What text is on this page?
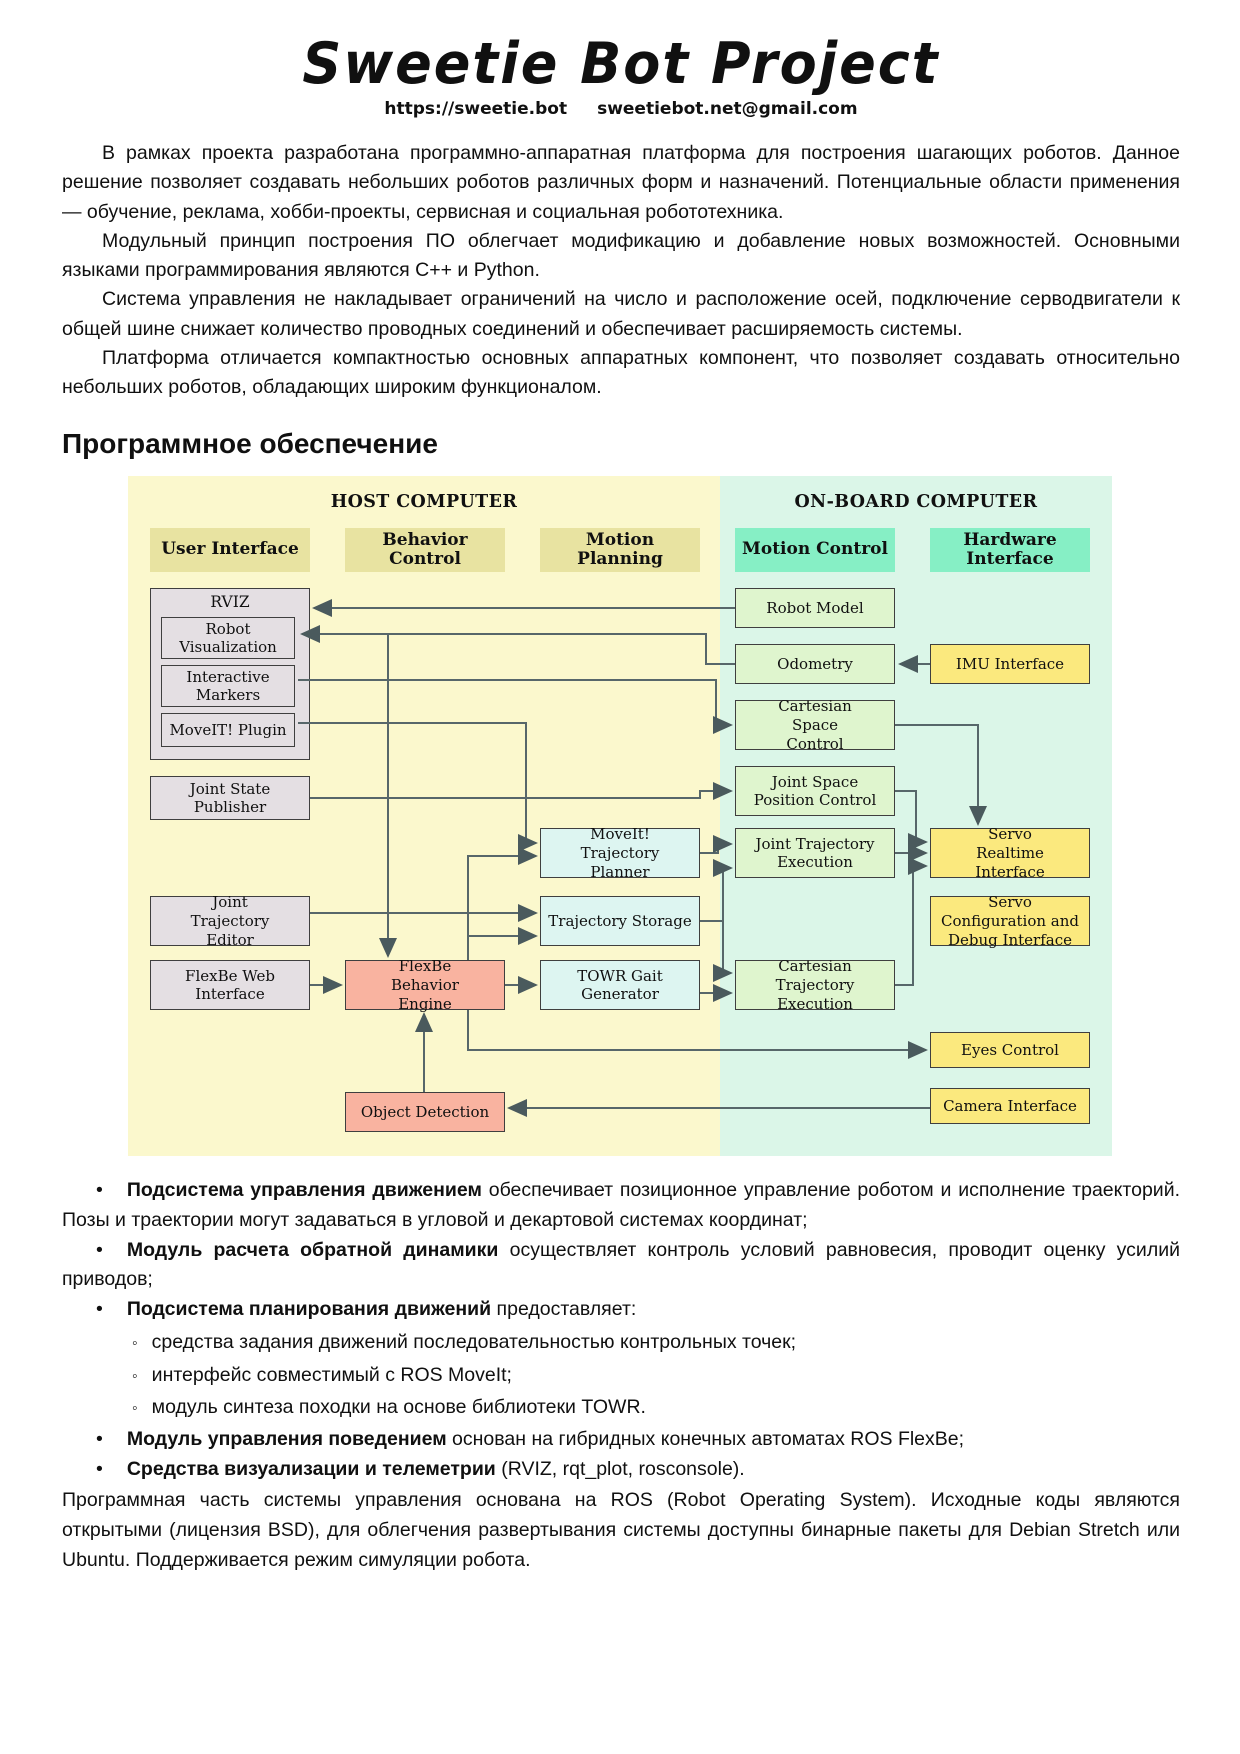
Sweetie Bot Project
https://sweetie.bot sweetiebot.net@gmail.com

В рамках проекта разработана программно-аппаратная платформа для построения шагающих роботов. Данное решение позволяет создавать небольших роботов различных форм и назначений. Потенциальные области применения — обучение, реклама, хобби-проекты, сервисная и социальная робототехника.

Модульный принцип построения ПО облегчает модификацию и добавление новых возможностей. Основными языками программирования являются C++ и Python.

Система управления не накладывает ограничений на число и расположение осей, подключение серводвигатели к общей шине снижает количество проводных соединений и обеспечивает расширяемость системы.

Платформа отличается компактностью основных аппаратных компонент, что позволяет создавать относительно небольших роботов, обладающих широким функционалом.

Программное обеспечение
HOST COMPUTER	ON-BOARD COMPUTER
User Interface	Behavior Control
Motion Planning	Motion Control	Hardware Interface
RVIZ
Robot Visualization
Interactive Markers
MoveIT! Plugin
Joint State Publisher
Joint Trajectory Editor
FlexBe Web Interface
FlexBe Behavior Engine
Object Detection
MoveIt! Trajectory Planner
Trajectory Storage
TOWR Gait Generator
Robot Model
Odometry
Cartesian Space Control
Joint Space Position Control
Joint Trajectory Execution
Cartesian Trajectory Execution
IMU Interface
Servo Realtime Interface
Servo Configuration and Debug Interface
Eyes Control
Camera Interface

• Подсистема управления движением обеспечивает позиционное управление роботом и исполнение траекторий. Позы и траектории могут задаваться в угловой и декартовой системах координат;

• Модуль расчета обратной динамики осуществляет контроль условий равновесия, проводит оценку усилий приводов;

• Подсистема планирования движений предоставляет:

◦ средства задания движений последовательностью контрольных точек;

◦ интерфейс совместимый с ROS MoveIt;

◦ модуль синтеза походки на основе библиотеки TOWR.

• Модуль управления поведением основан на гибридных конечных автоматах ROS FlexBe;

• Средства визуализации и телеметрии (RVIZ, rqt_plot, rosconsole).

Программная часть системы управления основана на ROS (Robot Operating System). Исходные коды являются открытыми (лицензия BSD), для облегчения развертывания системы доступны бинарные пакеты для Debian Stretch или Ubuntu. Поддерживается режим симуляции робота.
